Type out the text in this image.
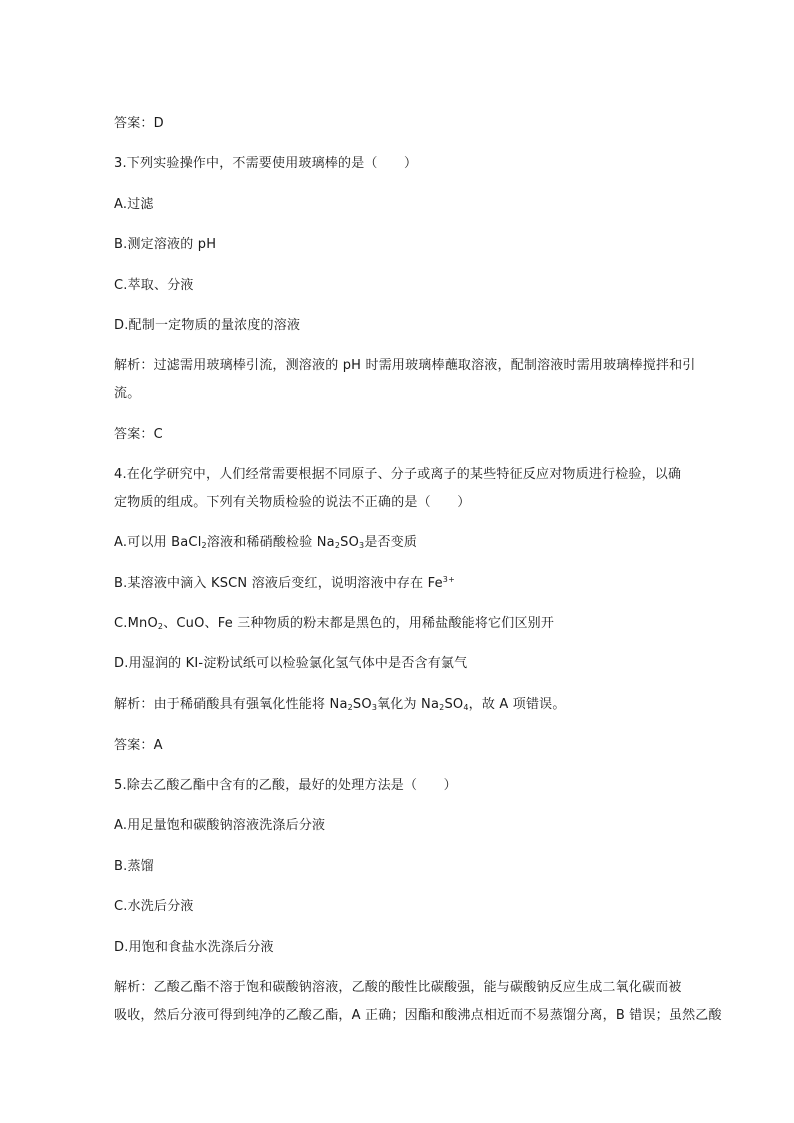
答案：D
3.下列实验操作中，不需要使用玻璃棒的是（　　）
A.过滤
B.测定溶液的 pH
C.萃取、分液
D.配制一定物质的量浓度的溶液
解析：过滤需用玻璃棒引流，测溶液的 pH 时需用玻璃棒蘸取溶液，配制溶液时需用玻璃棒搅拌和引
流。
答案：C
4.在化学研究中，人们经常需要根据不同原子、分子或离子的某些特征反应对物质进行检验，以确
定物质的组成。下列有关物质检验的说法不正确的是（　　）
A.可以用 BaCl$_2$溶液和稀硝酸检验 $Na_2SO_3$是否变质
B.某溶液中滴入 KSCN 溶液后变红，说明溶液中存在 $Fe^{3+}$
C.MnO$_2$、CuO、Fe 三种物质的粉末都是黑色的，用稀盐酸能将它们区别开
D.用湿润的 KI-淀粉试纸可以检验氯化氢气体中是否含有氯气
解析：由于稀硝酸具有强氧化性能将 $Na_2SO_3$氧化为 $Na_2SO_4$，故 A 项错误。
答案：A
5.除去乙酸乙酯中含有的乙酸，最好的处理方法是（　　）
A.用足量饱和碳酸钠溶液洗涤后分液
B.蒸馏
C.水洗后分液
D.用饱和食盐水洗涤后分液
解析：乙酸乙酯不溶于饱和碳酸钠溶液，乙酸的酸性比碳酸强，能与碳酸钠反应生成二氧化碳而被
吸收，然后分液可得到纯净的乙酸乙酯，A 正确；因酯和酸沸点相近而不易蒸馏分离，B 错误；虽然乙酸
